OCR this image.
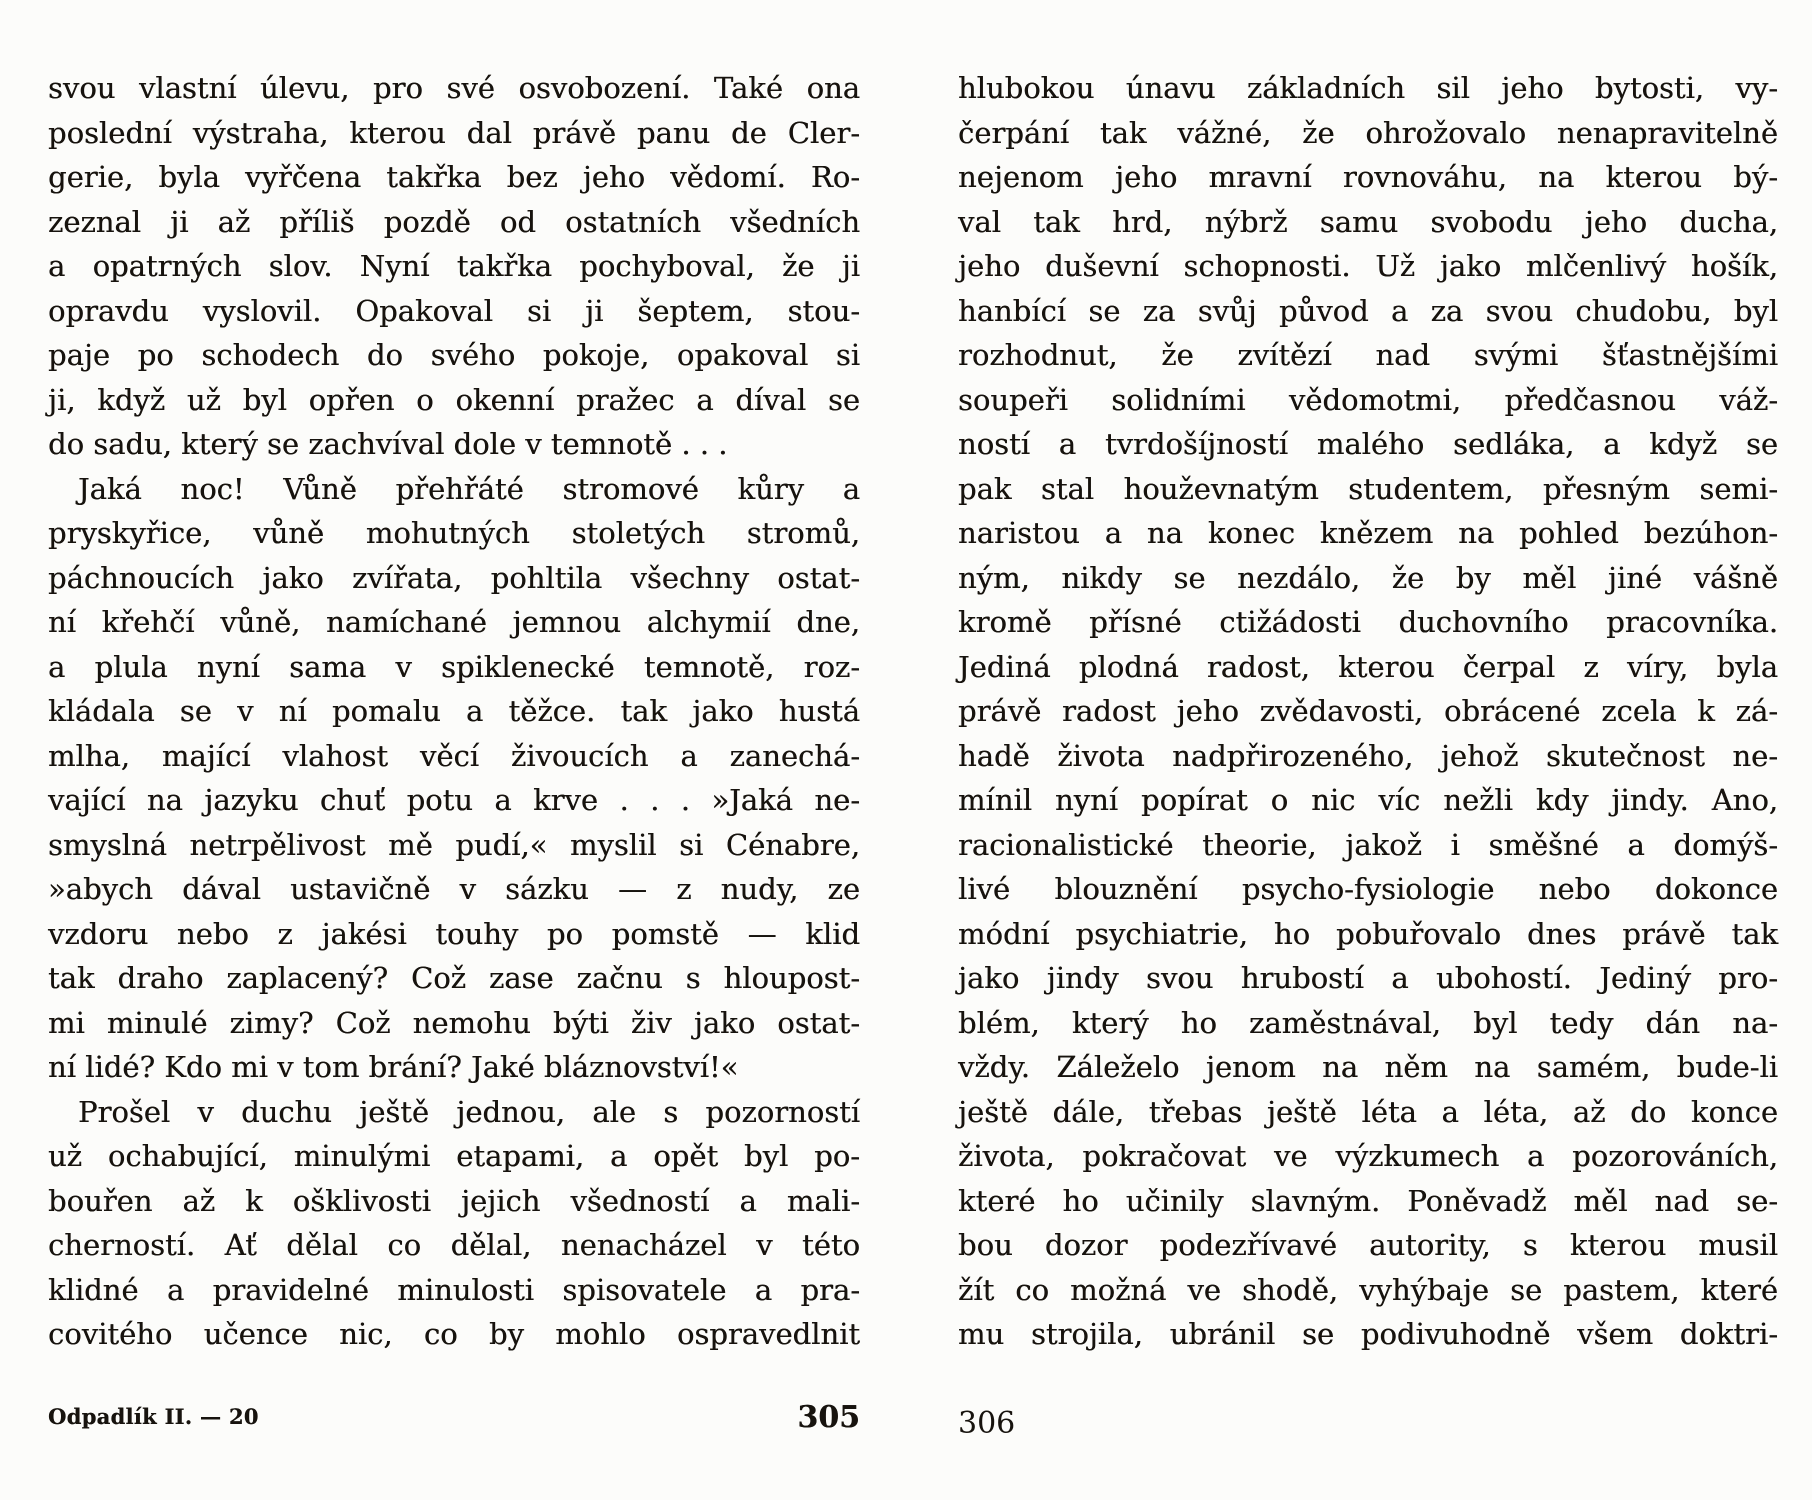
svou vlastní úlevu, pro své osvobození. Také ona
poslední výstraha, kterou dal právě panu de Cler-
gerie, byla vyřčena takřka bez jeho vědomí. Ro-
zeznal ji až příliš pozdě od ostatních všedních
a opatrných slov. Nyní takřka pochyboval, že ji
opravdu vyslovil. Opakoval si ji šeptem, stou-
paje po schodech do svého pokoje, opakoval si
ji, když už byl opřen o okenní pražec a díval se
do sadu, který se zachvíval dole v temnotě . . .
Jaká noc! Vůně přehřáté stromové kůry a
pryskyřice, vůně mohutných stoletých stromů,
páchnoucích jako zvířata, pohltila všechny ostat-
ní křehčí vůně, namíchané jemnou alchymií dne,
a plula nyní sama v spiklenecké temnotě, roz-
kládala se v ní pomalu a těžce. tak jako hustá
mlha, mající vlahost věcí živoucích a zanechá-
vající na jazyku chuť potu a krve . . . »Jaká ne-
smyslná netrpělivost mě pudí,« myslil si Cénabre,
»abych dával ustavičně v sázku — z nudy, ze
vzdoru nebo z jakési touhy po pomstě — klid
tak draho zaplacený? Což zase začnu s hloupost-
mi minulé zimy? Což nemohu býti živ jako ostat-
ní lidé? Kdo mi v tom brání? Jaké bláznovství!«
Prošel v duchu ještě jednou, ale s pozorností
už ochabující, minulými etapami, a opět byl po-
bouřen až k ošklivosti jejich všedností a mali-
cherností. Ať dělal co dělal, nenacházel v této
klidné a pravidelné minulosti spisovatele a pra-
covitého učence nic, co by mohlo ospravedlnit
hlubokou únavu základních sil jeho bytosti, vy-
čerpání tak vážné, že ohrožovalo nenapravitelně
nejenom jeho mravní rovnováhu, na kterou bý-
val tak hrd, nýbrž samu svobodu jeho ducha,
jeho duševní schopnosti. Už jako mlčenlivý hošík,
hanbící se za svůj původ a za svou chudobu, byl
rozhodnut, že zvítězí nad svými šťastnějšími
soupeři solidními vědomotmi, předčasnou váž-
ností a tvrdošíjností malého sedláka, a když se
pak stal houževnatým studentem, přesným semi-
naristou a na konec knězem na pohled bezúhon-
ným, nikdy se nezdálo, že by měl jiné vášně
kromě přísné ctižádosti duchovního pracovníka.
Jediná plodná radost, kterou čerpal z víry, byla
právě radost jeho zvědavosti, obrácené zcela k zá-
hadě života nadpřirozeného, jehož skutečnost ne-
mínil nyní popírat o nic víc nežli kdy jindy. Ano,
racionalistické theorie, jakož i směšné a domýš-
livé blouznění psycho-fysiologie nebo dokonce
módní psychiatrie, ho pobuřovalo dnes právě tak
jako jindy svou hrubostí a ubohostí. Jediný pro-
blém, který ho zaměstnával, byl tedy dán na-
vždy. Záleželo jenom na něm na samém, bude-li
ještě dále, třebas ještě léta a léta, až do konce
života, pokračovat ve výzkumech a pozorováních,
které ho učinily slavným. Poněvadž měl nad se-
bou dozor podezřívavé autority, s kterou musil
žít co možná ve shodě, vyhýbaje se pastem, které
mu strojila, ubránil se podivuhodně všem doktri-
Odpadlík II. — 20	305	306
